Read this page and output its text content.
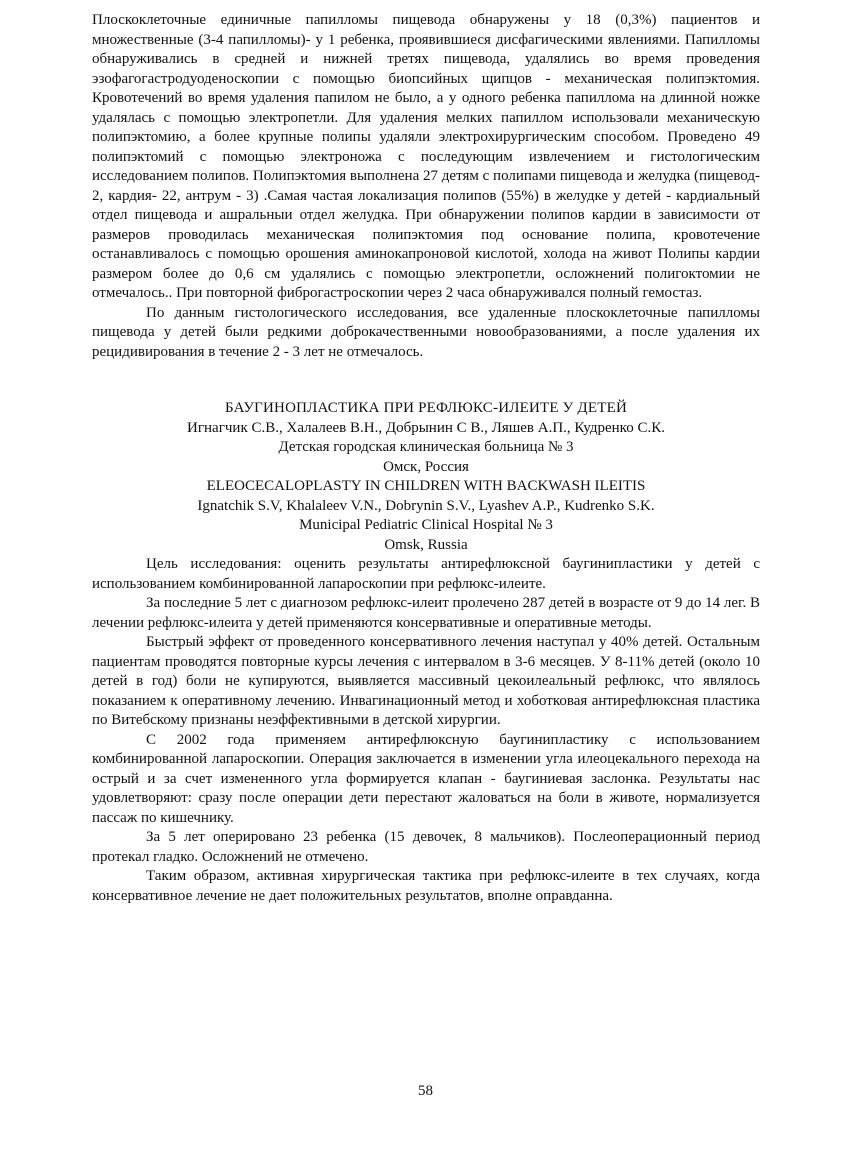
Плоскоклеточные единичные папилломы пищевода обнаружены у 18 (0,3%) пациентов и множественные (3-4 папилломы)- у 1 ребенка, проявившиеся дисфагическими явлениями. Папилломы обнаруживались в средней и нижней третях пищевода, удалялись во время проведения эзофагогастродуоденоскопии с помощью биопсийных щипцов - механическая полипэктомия. Кровотечений во время удаления папилом не было, а у одного ребенка папиллома на длинной ножке удалялась с помощью электропетли. Для удаления мелких папиллом использовали механическую полипэктомию, а более крупные полипы удаляли электрохирургическим способом. Проведено 49 полипэктомий с помощью электроножа с последующим извлечением и гистологическим исследованием полипов. Полипэктомия выполнена 27 детям с полипами пищевода и желудка (пищевод- 2, кардия- 22, антрум - 3) .Самая частая локализация полипов (55%) в желудке у детей - кардиальный отдел пищевода и ашральныи отдел желудка. При обнаружении полипов кардии в зависимости от размеров проводилась механическая полипэктомия под основание полипа, кровотечение останавливалось с помощью орошения аминокапроновой кислотой, холода на живот Полипы кардии размером более до 0,6 см удалялись с помощью электропетли, осложнений полигоктомии не отмечалось.. При повторной фиброгастроскопии через 2 часа обнаруживался полный гемостаз.

По данным гистологического исследования, все удаленные плоскоклеточные папилломы пищевода у детей были редкими доброкачественными новообразованиями, а после удаления их рецидивирования в течение 2 - 3 лет не отмечалось.

БАУГИНОПЛАСТИКА ПРИ РЕФЛЮКС-ИЛЕИТЕ У ДЕТЕЙ

Игнагчик С.В., Халалеев В.Н., Добрынин С В., Ляшев А.П., Кудренко С.К.

Детская городская клиническая больница № 3

Омск, Россия

ELEOCECALOPLASTY IN CHILDREN WITH BACKWASH ILEITIS

Ignatchik S.V, Khalaleev V.N., Dobrynin S.V., Lyashev A.P., Kudrenko S.K.

Municipal Pediatric Clinical Hospital № 3

Omsk, Russia

Цель исследования: оценить результаты антирефлюксной баугинипластики у детей с использованием комбинированной лапароскопии при рефлюкс-илеите.

За последние 5 лет с диагнозом рефлюкс-илеит пролечено 287 детей в возрасте от 9 до 14 лег. В лечении рефлюкс-илеита у детей применяются консервативные и оперативные методы.

Быстрый эффект от проведенного консервативного лечения наступал у 40% детей. Остальным пациентам проводятся повторные курсы лечения с интервалом в 3-6 месяцев. У 8-11% детей (около 10 детей в год) боли не купируются, выявляется массивный цекоилеальный рефлюкс, что являлось показанием к оперативному лечению. Инвагинационный метод и хоботковая антирефлюксная пластика по Витебскому признаны неэффективными в детской хирургии.

С 2002 года применяем антирефлюксную баугинипластику с использованием комбинированной лапароскопии. Операция заключается в изменении угла илеоцекального перехода на острый и за счет измененного угла формируется клапан - баугиниевая заслонка. Результаты нас удовлетворяют: сразу после операции дети перестают жаловаться на боли в животе, нормализуется пассаж по кишечнику.

За 5 лет оперировано 23 ребенка (15 девочек, 8 мальчиков). Послеоперационный период протекал гладко. Осложнений не отмечено.

Таким образом, активная хирургическая тактика при рефлюкс-илеите в тех случаях, когда консервативное лечение не дает положительных результатов, вполне оправданна.

58
